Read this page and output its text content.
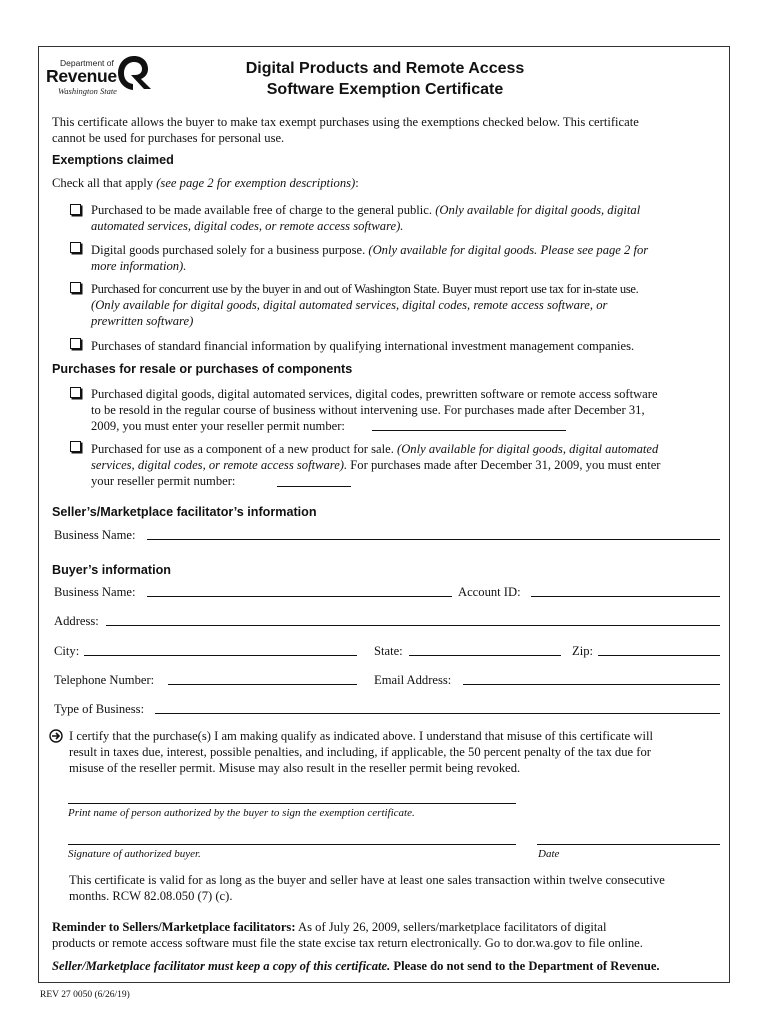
Department of
Revenue
Washington State
Digital Products and Remote Access
Software Exemption Certificate
This certificate allows the buyer to make tax exempt purchases using the exemptions checked below. This certificate
cannot be used for purchases for personal use.
Exemptions claimed
Check all that apply (see page 2 for exemption descriptions):
Purchased to be made available free of charge to the general public. (Only available for digital goods, digital
automated services, digital codes, or remote access software).
Digital goods purchased solely for a business purpose. (Only available for digital goods. Please see page 2 for
more information).
Purchased for concurrent use by the buyer in and out of Washington State. Buyer must report use tax for in-state use.
(Only available for digital goods, digital automated services, digital codes, remote access software, or
prewritten software)
Purchases of standard financial information by qualifying international investment management companies.
Purchases for resale or purchases of components
Purchased digital goods, digital automated services, digital codes, prewritten software or remote access software
to be resold in the regular course of business without intervening use. For purchases made after December 31,
2009, you must enter your reseller permit number:
Purchased for use as a component of a new product for sale. (Only available for digital goods, digital automated
services, digital codes, or remote access software). For purchases made after December 31, 2009, you must enter
your reseller permit number:
Seller’s/Marketplace facilitator’s information
Business Name:
Buyer’s information
Business Name:	Account ID:
Address:
City:	State:	Zip:
Telephone Number:	Email Address:
Type of Business:
I certify that the purchase(s) I am making qualify as indicated above. I understand that misuse of this certificate will
result in taxes due, interest, possible penalties, and including, if applicable, the 50 percent penalty of the tax due for
misuse of the reseller permit. Misuse may also result in the reseller permit being revoked.
Print name of person authorized by the buyer to sign the exemption certificate.
Signature of authorized buyer.	Date
This certificate is valid for as long as the buyer and seller have at least one sales transaction within twelve consecutive
months. RCW 82.08.050 (7) (c).
Reminder to Sellers/Marketplace facilitators: As of July 26, 2009, sellers/marketplace facilitators of digital
products or remote access software must file the state excise tax return electronically. Go to dor.wa.gov to file online.
Seller/Marketplace facilitator must keep a copy of this certificate. Please do not send to the Department of Revenue.
REV 27 0050 (6/26/19)
